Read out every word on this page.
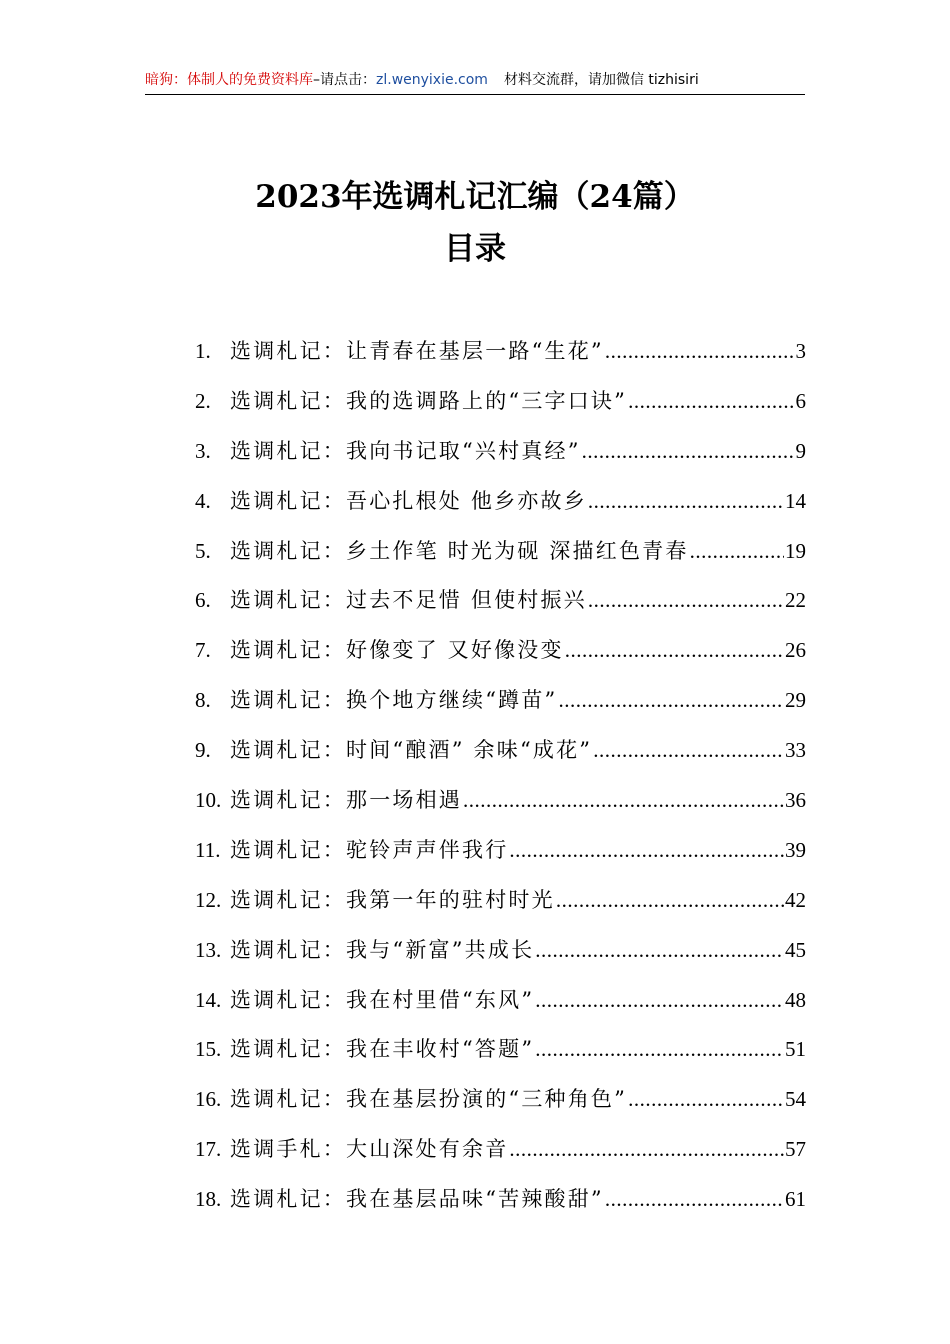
暗狗：体制人的免费资料库–请点击：zl.wenyixie.com 材料交流群，请加微信 tizhisiri
2023年选调札记汇编（24篇）
目录
1. 选调札记：让青春在基层一路“生花” .....	3
2. 选调札记：我的选调路上的“三字口诀” .....	6
3. 选调札记：我向书记取“兴村真经” .....	9
4. 选调札记：吾心扎根处 他乡亦故乡 .....	14
5. 选调札记：乡土作笔 时光为砚 深描红色青春 .....	19
6. 选调札记：过去不足惜 但使村振兴 .....	22
7. 选调札记：好像变了 又好像没变 .....	26
8. 选调札记：换个地方继续“蹲苗” .....	29
9. 选调札记：时间“酿酒” 余味“成花” .....	33
10. 选调札记：那一场相遇 .....	36
11. 选调札记：驼铃声声伴我行 .....	39
12. 选调札记：我第一年的驻村时光 .....	42
13. 选调札记：我与“新富”共成长 .....	45
14. 选调札记：我在村里借“东风” .....	48
15. 选调札记：我在丰收村“答题” .....	51
16. 选调札记：我在基层扮演的“三种角色” .....	54
17. 选调手札：大山深处有余音 .....	57
18. 选调札记：我在基层品味“苦辣酸甜” .....	61
